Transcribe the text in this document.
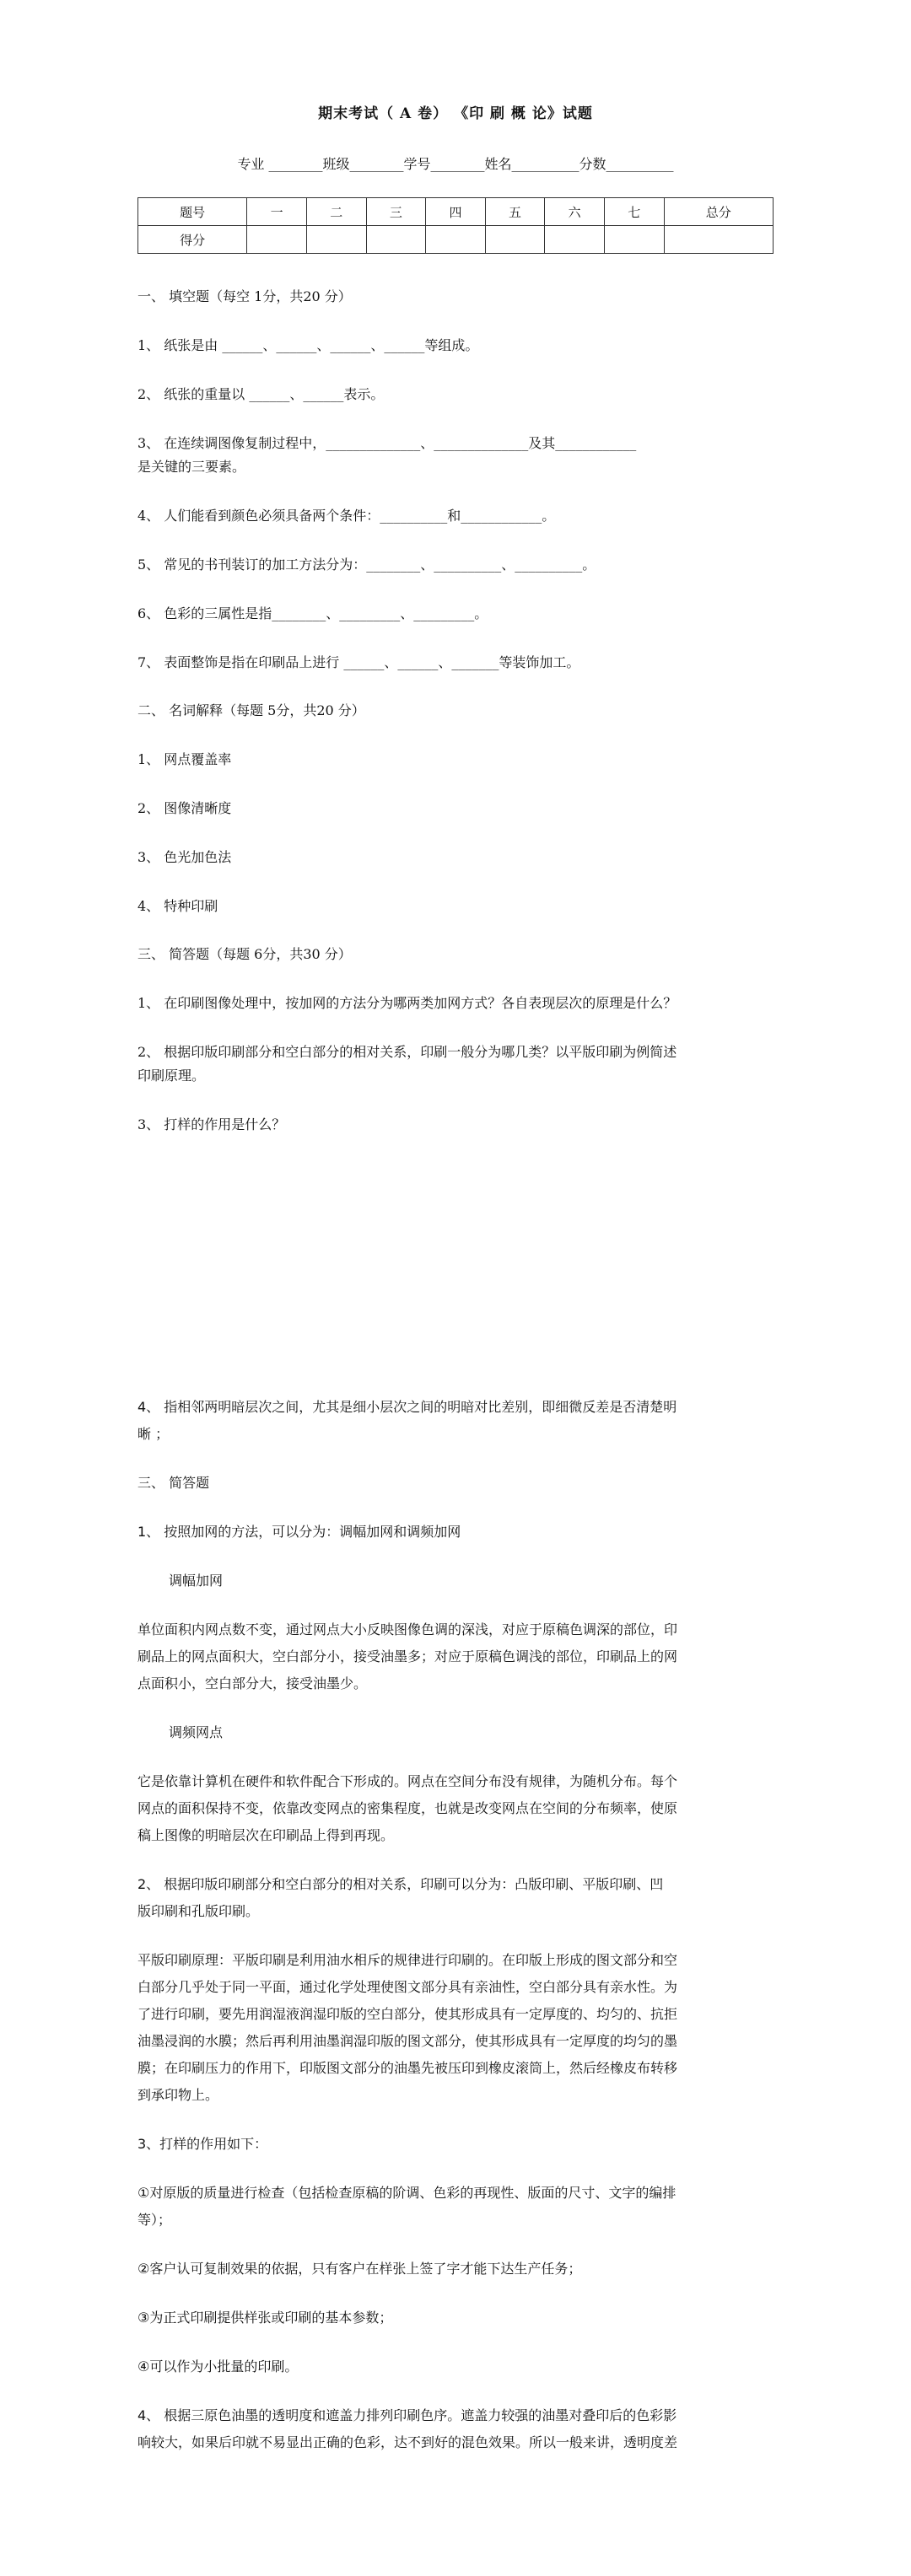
期末考试（ A 卷） 《印 刷 概 论》试题
专业 ________班级________学号________姓名__________分数__________
题号	一	二	三	四	五	六	七	总分
得分								
一、 填空题（每空 1分，共20 分）
1、 纸张是由 ______、______、______、______等组成。
2、 纸张的重量以 ______、______表示。
3、 在连续调图像复制过程中，______________、______________及其____________
是关键的三要素。
4、 人们能看到颜色必须具备两个条件：__________和____________。
5、 常见的书刊装订的加工方法分为：________、__________、__________。
6、 色彩的三属性是指________、_________、_________。
7、 表面整饰是指在印刷品上进行 ______、______、_______等装饰加工。
二、 名词解释（每题 5分，共20 分）
1、 网点覆盖率
2、 图像清晰度
3、 色光加色法
4、 特种印刷
三、 简答题（每题 6分，共30 分）
1、 在印刷图像处理中，按加网的方法分为哪两类加网方式？各自表现层次的原理是什么？
2、 根据印版印刷部分和空白部分的相对关系，印刷一般分为哪几类？以平版印刷为例简述
印刷原理。
3、 打样的作用是什么？
4、 指相邻两明暗层次之间，尤其是细小层次之间的明暗对比差别，即细微反差是否清楚明
晰 ；
三、 简答题
1、 按照加网的方法，可以分为：调幅加网和调频加网
调幅加网
单位面积内网点数不变，通过网点大小反映图像色调的深浅，对应于原稿色调深的部位，印
刷品上的网点面积大，空白部分小，接受油墨多；对应于原稿色调浅的部位，印刷品上的网
点面积小，空白部分大，接受油墨少。
调频网点
它是依靠计算机在硬件和软件配合下形成的。网点在空间分布没有规律，为随机分布。每个
网点的面积保持不变，依靠改变网点的密集程度，也就是改变网点在空间的分布频率，使原
稿上图像的明暗层次在印刷品上得到再现。
2、 根据印版印刷部分和空白部分的相对关系，印刷可以分为：凸版印刷、平版印刷、凹
版印刷和孔版印刷。
平版印刷原理：平版印刷是利用油水相斥的规律进行印刷的。在印版上形成的图文部分和空
白部分几乎处于同一平面，通过化学处理使图文部分具有亲油性，空白部分具有亲水性。为
了进行印刷，要先用润湿液润湿印版的空白部分，使其形成具有一定厚度的、均匀的、抗拒
油墨浸润的水膜；然后再利用油墨润湿印版的图文部分，使其形成具有一定厚度的均匀的墨
膜；在印刷压力的作用下，印版图文部分的油墨先被压印到橡皮滚筒上，然后经橡皮布转移
到承印物上。
3、打样的作用如下：
①对原版的质量进行检查（包括检查原稿的阶调、色彩的再现性、版面的尺寸、文字的编排
等）；
②客户认可复制效果的依据，只有客户在样张上签了字才能下达生产任务；
③为正式印刷提供样张或印刷的基本参数；
④可以作为小批量的印刷。
4、 根据三原色油墨的透明度和遮盖力排列印刷色序。遮盖力较强的油墨对叠印后的色彩影
响较大，如果后印就不易显出正确的色彩，达不到好的混色效果。所以一般来讲，透明度差
